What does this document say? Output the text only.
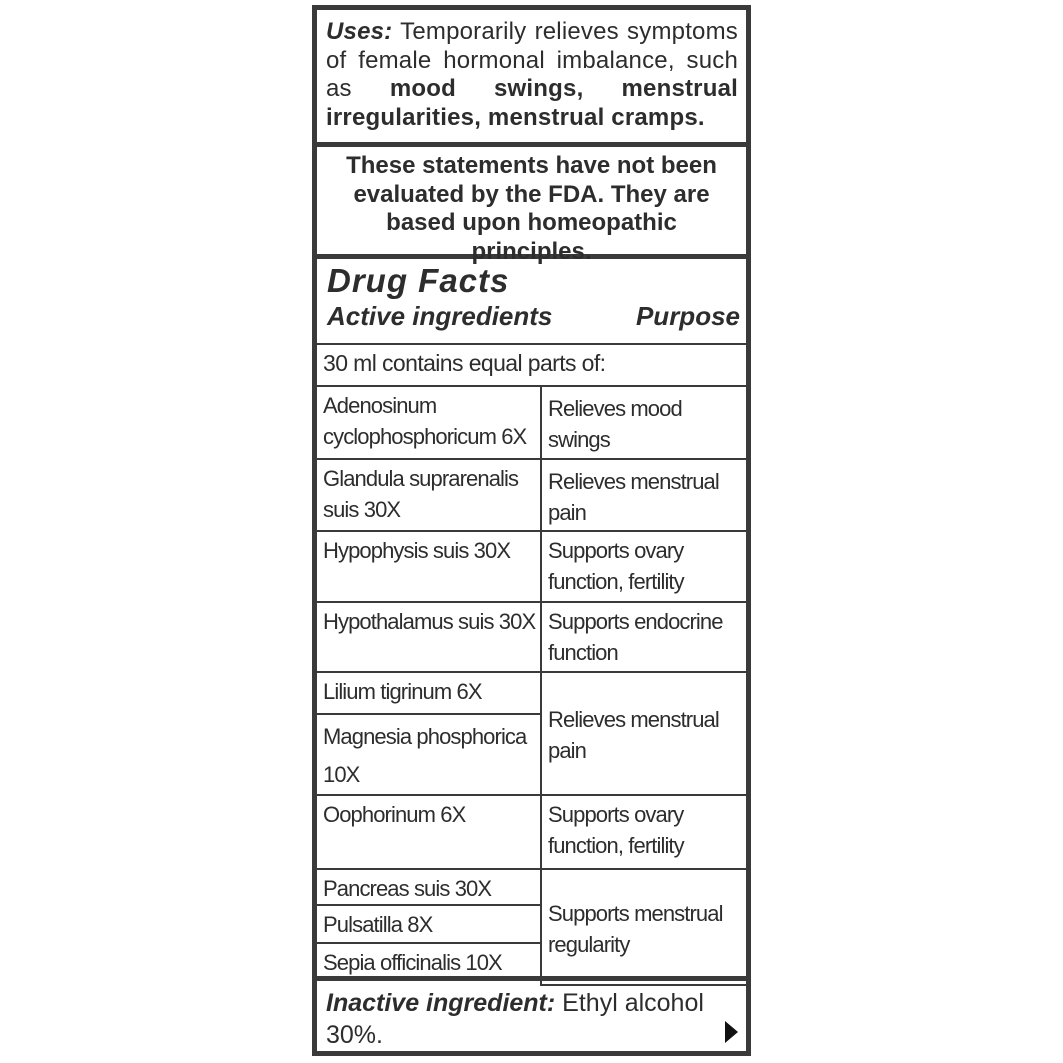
Uses: Temporarily relieves symptoms of female hormonal imbalance, such as mood swings, menstrual irregularities, menstrual cramps.
These statements have not been evaluated by the FDA. They are based upon homeopathic principles.
Drug Facts
Active ingredients	Purpose
30 ml contains equal parts of:
Adenosinum cyclophosphoricum 6X	Relieves mood swings
Glandula suprarenalis suis 30X	Relieves menstrual pain
Hypophysis suis 30X	Supports ovary function, fertility
Hypothalamus suis 30X	Supports endocrine function
Lilium tigrinum 6X	Relieves menstrual pain
Magnesia phosphorica 10X	
Oophorinum 6X	Supports ovary function, fertility
Pancreas suis 30X	Supports menstrual regularity
Pulsatilla 8X	
Sepia officinalis 10X	
Inactive ingredient: Ethyl alcohol 30%.
